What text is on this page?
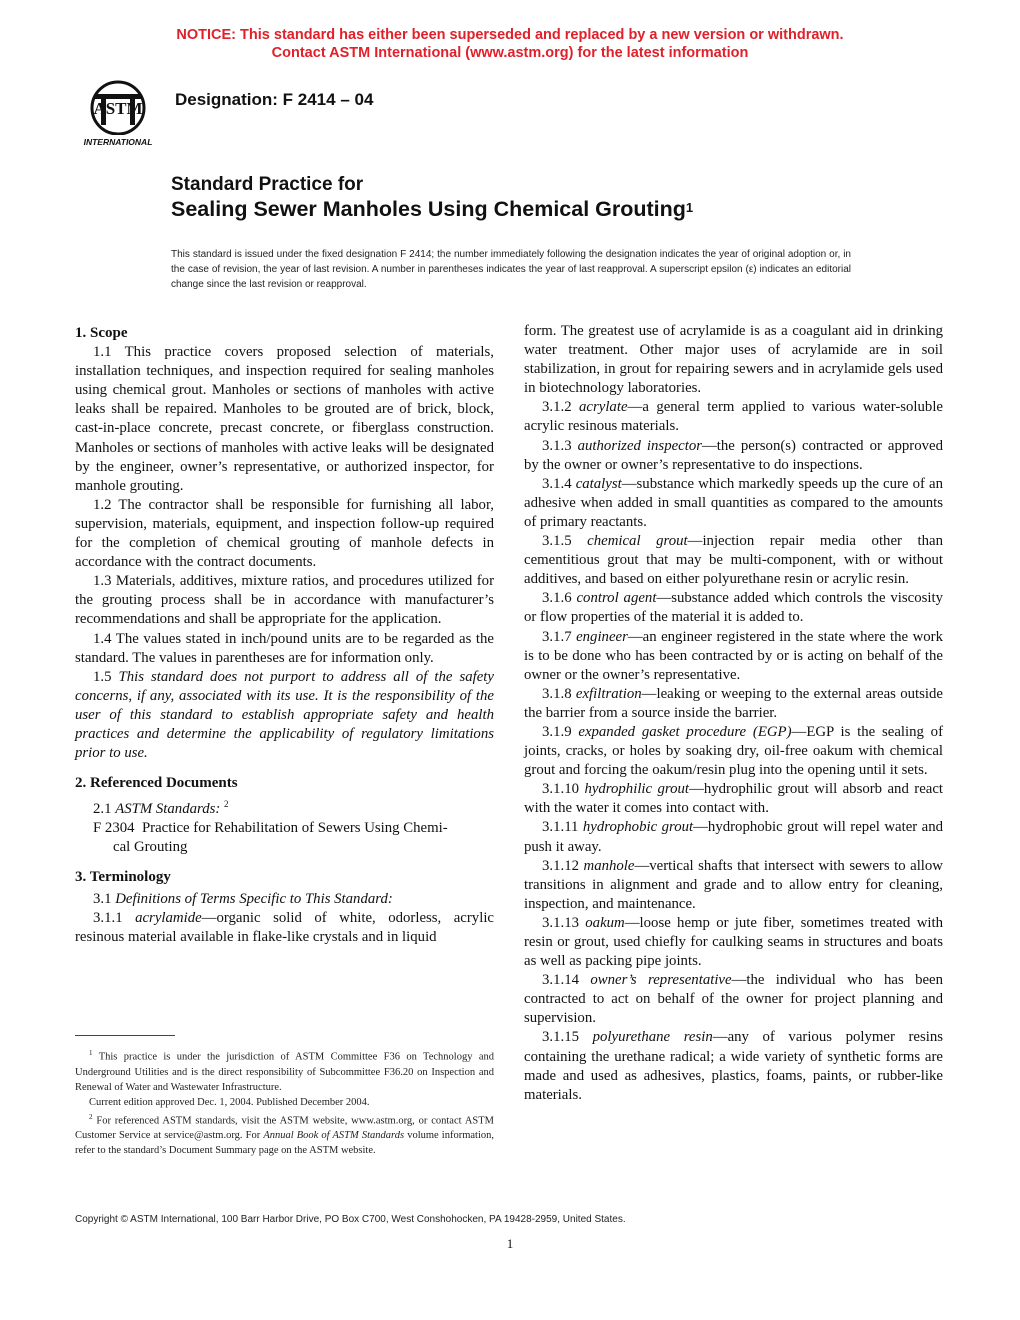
NOTICE: This standard has either been superseded and replaced by a new version or withdrawn.
Contact ASTM International (www.astm.org) for the latest information
ASTM
INTERNATIONAL
Designation: F 2414 – 04
Standard Practice for
Sealing Sewer Manholes Using Chemical Grouting$^1$
This standard is issued under the fixed designation F 2414; the number immediately following the designation indicates the year of original adoption or, in the case of revision, the year of last revision. A number in parentheses indicates the year of last reapproval. A superscript epsilon (ε) indicates an editorial change since the last revision or reapproval.
1. Scope

1.1 This practice covers proposed selection of materials, installation techniques, and inspection required for sealing manholes using chemical grout. Manholes or sections of manholes with active leaks shall be repaired. Manholes to be grouted are of brick, block, cast-in-place concrete, precast concrete, or fiberglass construction. Manholes or sections of manholes with active leaks will be designated by the engineer, owner’s representative, or authorized inspector, for manhole grouting.

1.2 The contractor shall be responsible for furnishing all labor, supervision, materials, equipment, and inspection follow-up required for the completion of chemical grouting of manhole defects in accordance with the contract documents.

1.3 Materials, additives, mixture ratios, and procedures utilized for the grouting process shall be in accordance with manufacturer’s recommendations and shall be appropriate for the application.

1.4 The values stated in inch/pound units are to be regarded as the standard. The values in parentheses are for information only.

1.5 This standard does not purport to address all of the safety concerns, if any, associated with its use. It is the responsibility of the user of this standard to establish appropriate safety and health practices and determine the applicability of regulatory limitations prior to use.

2. Referenced Documents

2.1 ASTM Standards: $^2$

F 2304 Practice for Rehabilitation of Sewers Using Chemi-

cal Grouting

3. Terminology

3.1 Definitions of Terms Specific to This Standard:

3.1.1 acrylamide—organic solid of white, odorless, acrylic resinous material available in flake-like crystals and in liquid

form. The greatest use of acrylamide is as a coagulant aid in drinking water treatment. Other major uses of acrylamide are in soil stabilization, in grout for repairing sewers and in acrylamide gels used in biotechnology laboratories.

3.1.2 acrylate—a general term applied to various water-soluble acrylic resinous materials.

3.1.3 authorized inspector—the person(s) contracted or approved by the owner or owner’s representative to do inspections.

3.1.4 catalyst—substance which markedly speeds up the cure of an adhesive when added in small quantities as compared to the amounts of primary reactants.

3.1.5 chemical grout—injection repair media other than cementitious grout that may be multi-component, with or without additives, and based on either polyurethane resin or acrylic resin.

3.1.6 control agent—substance added which controls the viscosity or flow properties of the material it is added to.

3.1.7 engineer—an engineer registered in the state where the work is to be done who has been contracted by or is acting on behalf of the owner or the owner’s representative.

3.1.8 exfiltration—leaking or weeping to the external areas outside the barrier from a source inside the barrier.

3.1.9 expanded gasket procedure (EGP)—EGP is the sealing of joints, cracks, or holes by soaking dry, oil-free oakum with chemical grout and forcing the oakum/resin plug into the opening until it sets.

3.1.10 hydrophilic grout—hydrophilic grout will absorb and react with the water it comes into contact with.

3.1.11 hydrophobic grout—hydrophobic grout will repel water and push it away.

3.1.12 manhole—vertical shafts that intersect with sewers to allow transitions in alignment and grade and to allow entry for cleaning, inspection, and maintenance.

3.1.13 oakum—loose hemp or jute fiber, sometimes treated with resin or grout, used chiefly for caulking seams in structures and boats as well as packing pipe joints.

3.1.14 owner’s representative—the individual who has been contracted to act on behalf of the owner for project planning and supervision.

3.1.15 polyurethane resin—any of various polymer resins containing the urethane radical; a wide variety of synthetic forms are made and used as adhesives, plastics, foams, paints, or rubber-like materials.

$^1$ This practice is under the jurisdiction of ASTM Committee F36 on Technology and Underground Utilities and is the direct responsibility of Subcommittee F36.20 on Inspection and Renewal of Water and Wastewater Infrastructure.

Current edition approved Dec. 1, 2004. Published December 2004.

$^2$ For referenced ASTM standards, visit the ASTM website, www.astm.org, or contact ASTM Customer Service at service@astm.org. For Annual Book of ASTM Standards volume information, refer to the standard’s Document Summary page on the ASTM website.

Copyright © ASTM International, 100 Barr Harbor Drive, PO Box C700, West Conshohocken, PA 19428-2959, United States.
1
